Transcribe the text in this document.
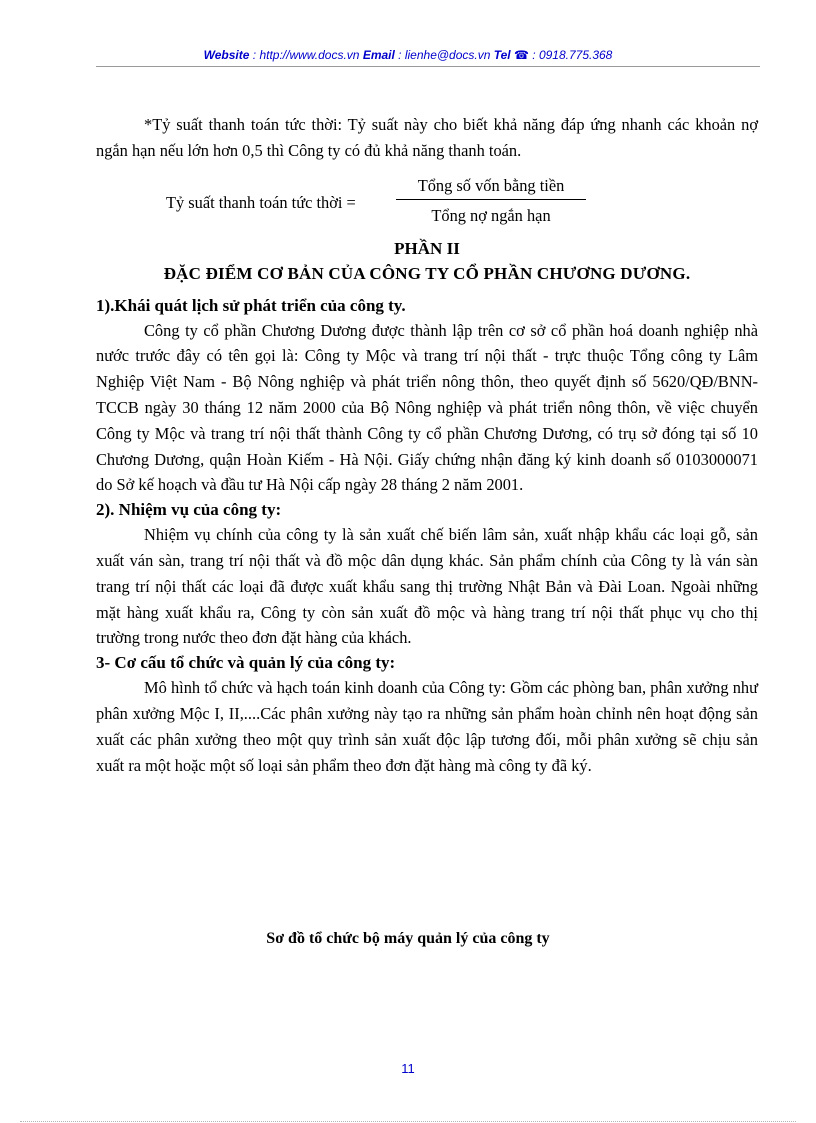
Website : http://www.docs.vn Email : lienhe@docs.vn Tel ☎ : 0918.775.368

*Tỷ suất thanh toán tức thời: Tỷ suất này cho biết khả năng đáp ứng nhanh các khoản nợ ngắn hạn nếu lớn hơn 0,5 thì Công ty có đủ khả năng thanh toán.

Tỷ suất thanh toán tức thời =
Tổng số vốn bằng tiền
Tổng nợ ngắn hạn

PHẦN II

ĐẶC ĐIỂM CƠ BẢN CỦA CÔNG TY CỔ PHẦN CHƯƠNG DƯƠNG.

1).Khái quát lịch sử phát triển của công ty.

Công ty cổ phần Chương Dương được thành lập trên cơ sở cổ phần hoá doanh nghiệp nhà nước trước đây có tên gọi là: Công ty Mộc và trang trí nội thất - trực thuộc Tổng công ty Lâm Nghiệp Việt Nam - Bộ Nông nghiệp và phát triển nông thôn, theo quyết định số 5620/QĐ/BNN-TCCB ngày 30 tháng 12 năm 2000 của Bộ Nông nghiệp và phát triển nông thôn, về việc chuyển Công ty Mộc và trang trí nội thất thành Công ty cổ phần Chương Dương, có trụ sở đóng tại số 10 Chương Dương, quận Hoàn Kiếm - Hà Nội. Giấy chứng nhận đăng ký kinh doanh số 0103000071 do Sở kế hoạch và đầu tư Hà Nội cấp ngày 28 tháng 2 năm 2001.

2). Nhiệm vụ của công ty:

Nhiệm vụ chính của công ty là sản xuất chế biến lâm sản, xuất nhập khẩu các loại gỗ, sản xuất ván sàn, trang trí nội thất và đồ mộc dân dụng khác. Sản phẩm chính của Công ty là ván sàn trang trí nội thất các loại đã được xuất khẩu sang thị trường Nhật Bản và Đài Loan. Ngoài những mặt hàng xuất khẩu ra, Công ty còn sản xuất đồ mộc và hàng trang trí nội thất phục vụ cho thị trường trong nước theo đơn đặt hàng của khách.

3- Cơ cấu tổ chức và quản lý của công ty:

Mô hình tổ chức và hạch toán kinh doanh của Công ty: Gồm các phòng ban, phân xưởng như phân xưởng Mộc I, II,....Các phân xưởng này tạo ra những sản phẩm hoàn chỉnh nên hoạt động sản xuất các phân xưởng theo một quy trình sản xuất độc lập tương đối, mỗi phân xưởng sẽ chịu sản xuất ra một hoặc một số loại sản phẩm theo đơn đặt hàng mà công ty đã ký.

Sơ đồ tổ chức bộ máy quản lý của công ty
11
